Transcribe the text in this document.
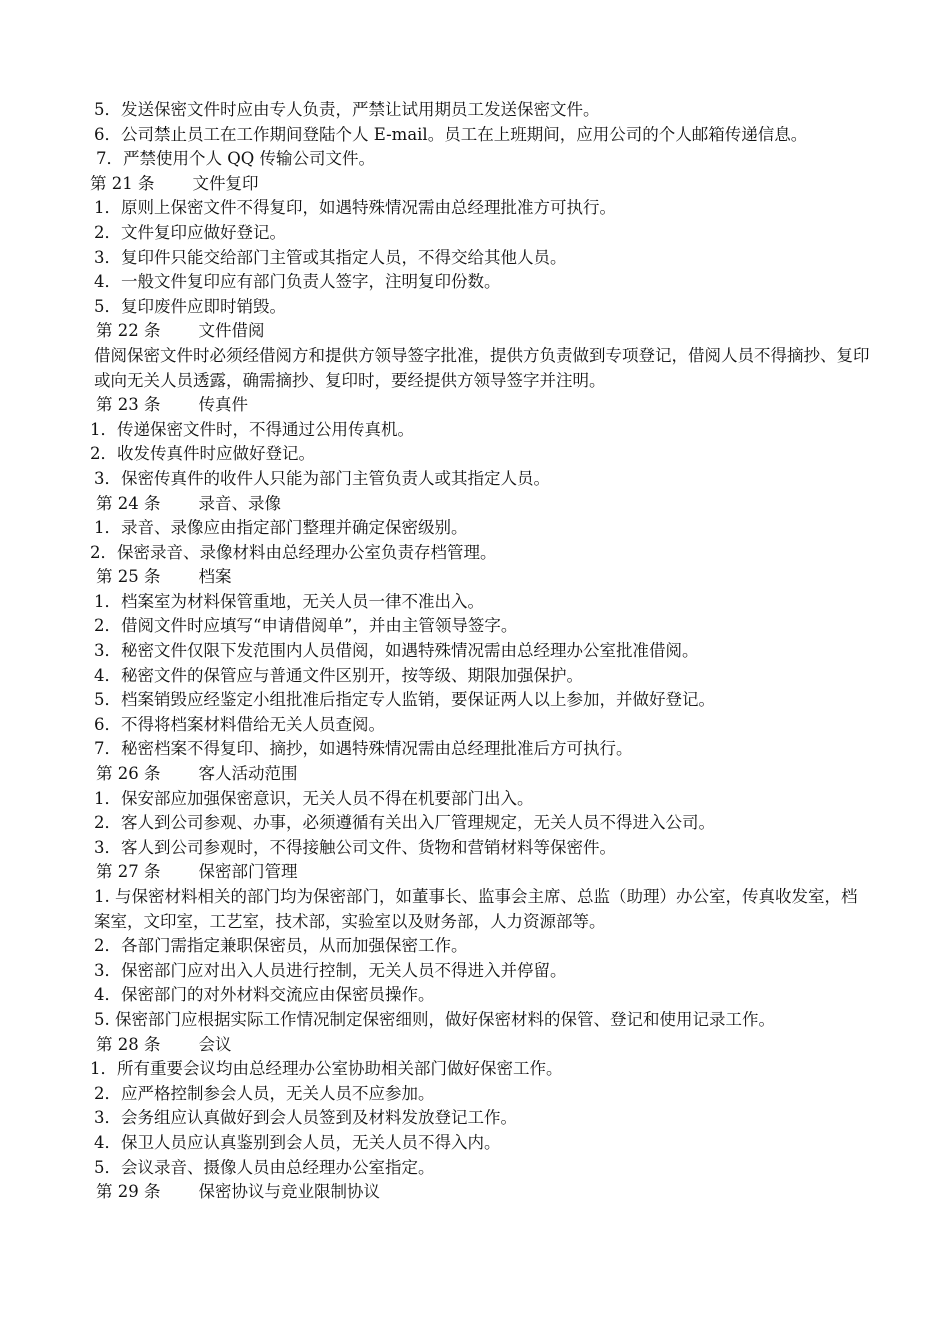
5．发送保密文件时应由专人负责，严禁让试用期员工发送保密文件。
6．公司禁止员工在工作期间登陆个人 E-mail。员工在上班期间，应用公司的个人邮箱传递信息。
7．严禁使用个人 QQ 传输公司文件。
第 21 条 文件复印
1．原则上保密文件不得复印，如遇特殊情况需由总经理批准方可执行。
2．文件复印应做好登记。
3．复印件只能交给部门主管或其指定人员，不得交给其他人员。
4．一般文件复印应有部门负责人签字，注明复印份数。
5．复印废件应即时销毁。
第 22 条 文件借阅
借阅保密文件时必须经借阅方和提供方领导签字批准，提供方负责做到专项登记，借阅人员不得摘抄、复印或向无关人员透露，确需摘抄、复印时，要经提供方领导签字并注明。
第 23 条 传真件
1．传递保密文件时，不得通过公用传真机。
2．收发传真件时应做好登记。
3．保密传真件的收件人只能为部门主管负责人或其指定人员。
第 24 条 录音、录像
1．录音、录像应由指定部门整理并确定保密级别。
2．保密录音、录像材料由总经理办公室负责存档管理。
第 25 条 档案
1．档案室为材料保管重地，无关人员一律不准出入。
2．借阅文件时应填写“申请借阅单”，并由主管领导签字。
3．秘密文件仅限下发范围内人员借阅，如遇特殊情况需由总经理办公室批准借阅。
4．秘密文件的保管应与普通文件区别开，按等级、期限加强保护。
5．档案销毁应经鉴定小组批准后指定专人监销，要保证两人以上参加，并做好登记。
6．不得将档案材料借给无关人员查阅。
7．秘密档案不得复印、摘抄，如遇特殊情况需由总经理批准后方可执行。
第 26 条 客人活动范围
1．保安部应加强保密意识，无关人员不得在机要部门出入。
2．客人到公司参观、办事，必须遵循有关出入厂管理规定，无关人员不得进入公司。
3．客人到公司参观时，不得接触公司文件、货物和营销材料等保密件。
第 27 条 保密部门管理
1. 与保密材料相关的部门均为保密部门，如董事长、监事会主席、总监（助理）办公室，传真收发室，档案室，文印室，工艺室，技术部，实验室以及财务部，人力资源部等。
2．各部门需指定兼职保密员，从而加强保密工作。
3．保密部门应对出入人员进行控制，无关人员不得进入并停留。
4．保密部门的对外材料交流应由保密员操作。
5. 保密部门应根据实际工作情况制定保密细则，做好保密材料的保管、登记和使用记录工作。
第 28 条 会议
1．所有重要会议均由总经理办公室协助相关部门做好保密工作。
2．应严格控制参会人员，无关人员不应参加。
3．会务组应认真做好到会人员签到及材料发放登记工作。
4．保卫人员应认真鉴别到会人员，无关人员不得入内。
5．会议录音、摄像人员由总经理办公室指定。
第 29 条 保密协议与竞业限制协议
